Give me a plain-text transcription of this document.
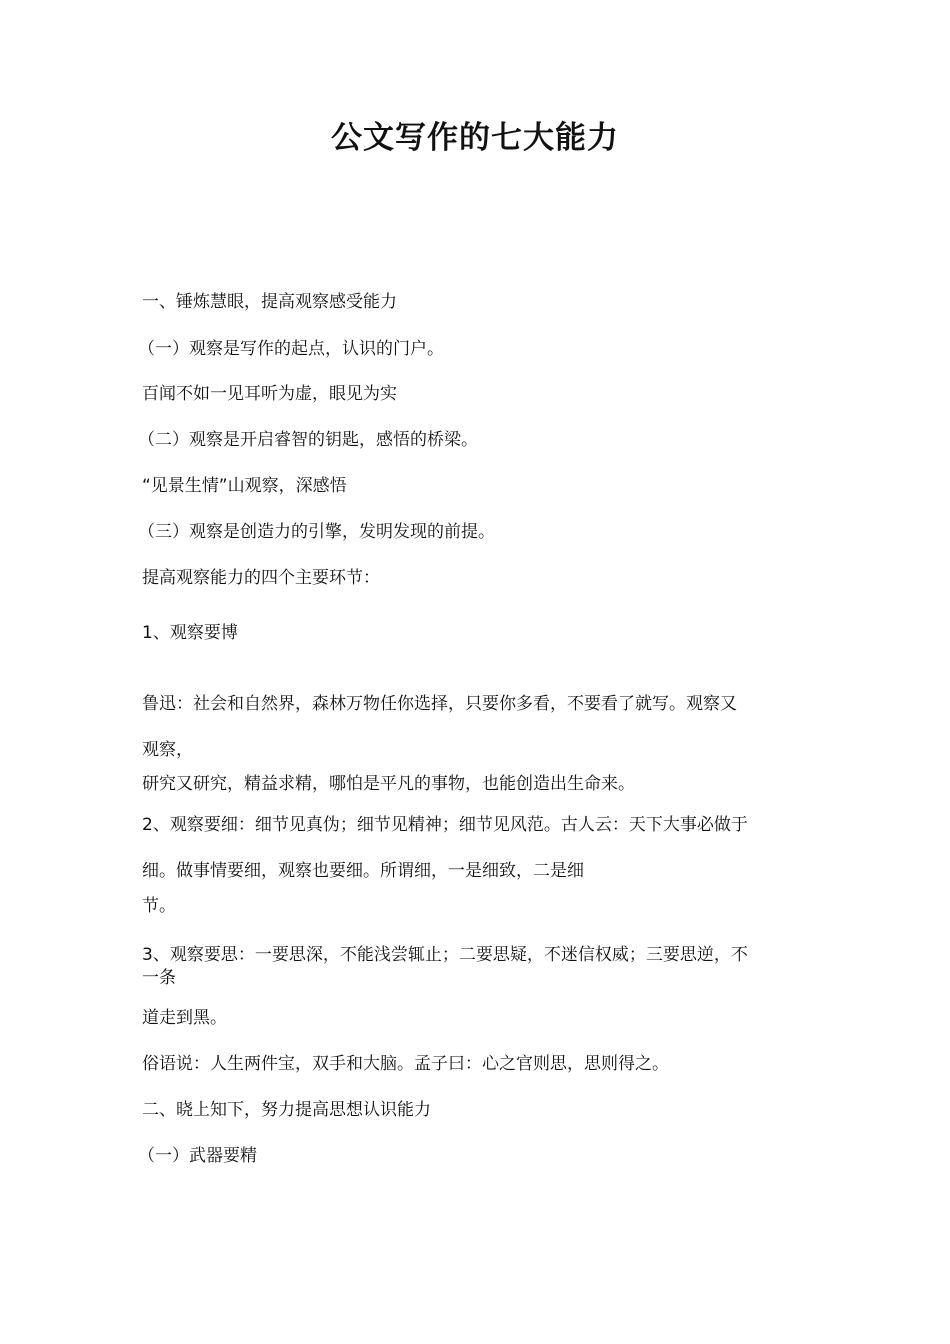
公文写作的七大能力
一、锤炼慧眼，提高观察感受能力
（一）观察是写作的起点，认识的门户。
百闻不如一见耳听为虚，眼见为实
（二）观察是开启睿智的钥匙，感悟的桥梁。
“见景生情”山观察，深感悟
（三）观察是创造力的引擎，发明发现的前提。
提高观察能力的四个主要环节：
1、观察要博
鲁迅：社会和自然界，森林万物任你选择，只要你多看，不要看了就写。观察又
观察，
研究又研究，精益求精，哪怕是平凡的事物，也能创造出生命来。
2、观察要细：细节见真伪；细节见精神；细节见风范。古人云：天下大事必做于
细。做事情要细，观察也要细。所谓细，一是细致，二是细
节。
3、观察要思：一要思深，不能浅尝辄止；二要思疑，不迷信权威；三要思逆，不
一条
道走到黑。
俗语说：人生两件宝，双手和大脑。孟子曰：心之官则思，思则得之。
二、晓上知下，努力提高思想认识能力
（一）武器要精
